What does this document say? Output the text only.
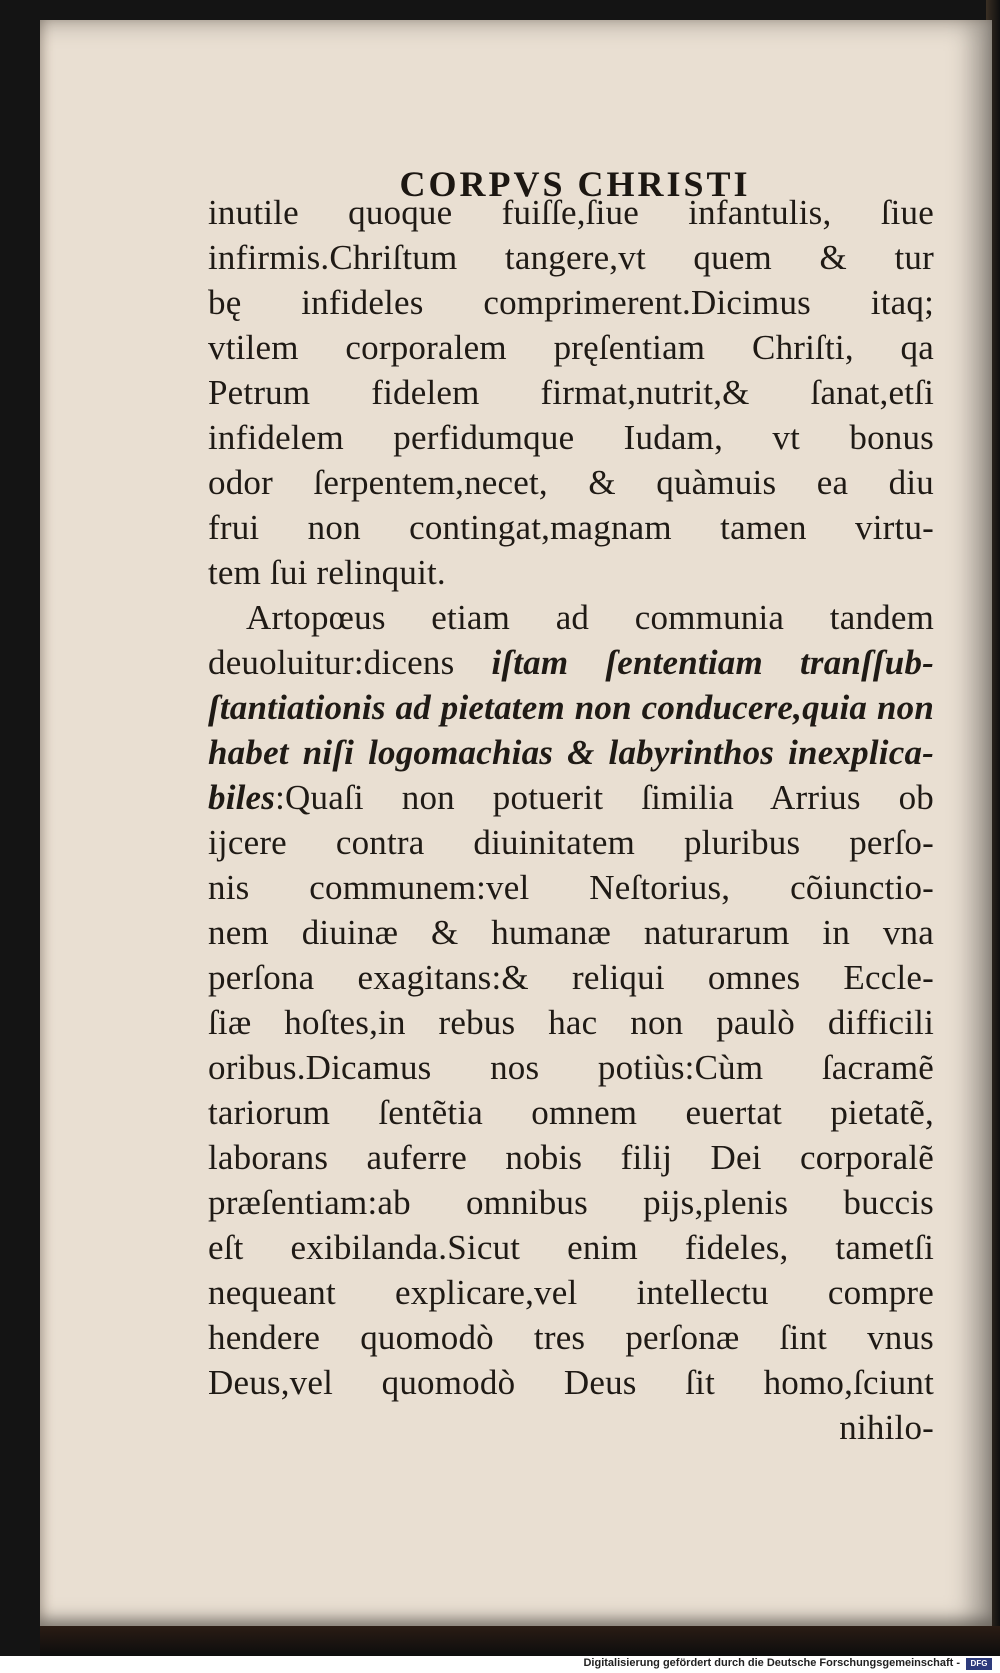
CORPVS CHRISTI
inutile quoque fuiſſe,ſiue infantulis, ſiue
infirmis.Chriſtum tangere,vt quem & tur
bę infideles comprimerent.Dicimus itaq;
vtilem corporalem pręſentiam Chriſti, qa
Petrum fidelem firmat,nutrit,& ſanat,etſi
infidelem perfidumque Iudam, vt bonus
odor ſerpentem,necet, & quàmuis ea diu
frui non contingat,magnam tamen virtu-
tem ſui relinquit.
Artopœus etiam ad communia tandem
deuoluitur:dicens iſtam ſententiam tranſſub-
ſtantiationis ad pietatem non conducere,quia non
habet niſi logomachias & labyrinthos inexplica-
biles:Quaſi non potuerit ſimilia Arrius ob
ijcere contra diuinitatem pluribus perſo-
nis communem:vel Neſtorius, cõiunctio-
nem diuinæ & humanæ naturarum in vna
perſona exagitans:& reliqui omnes Eccle-
ſiæ hoſtes,in rebus hac non paulò difficili
oribus.Dicamus nos potiùs:Cùm ſacramẽ
tariorum ſentẽtia omnem euertat pietatẽ,
laborans auferre nobis filij Dei corporalẽ
præſentiam:ab omnibus pijs,plenis buccis
eſt exibilanda.Sicut enim fideles, tametſi
nequeant explicare,vel intellectu compre
hendere quomodò tres perſonæ ſint vnus
Deus,vel quomodò Deus ſit homo,ſciunt
nihilo-
Digitalisierung gefördert durch die Deutsche Forschungsgemeinschaft -	DFG
